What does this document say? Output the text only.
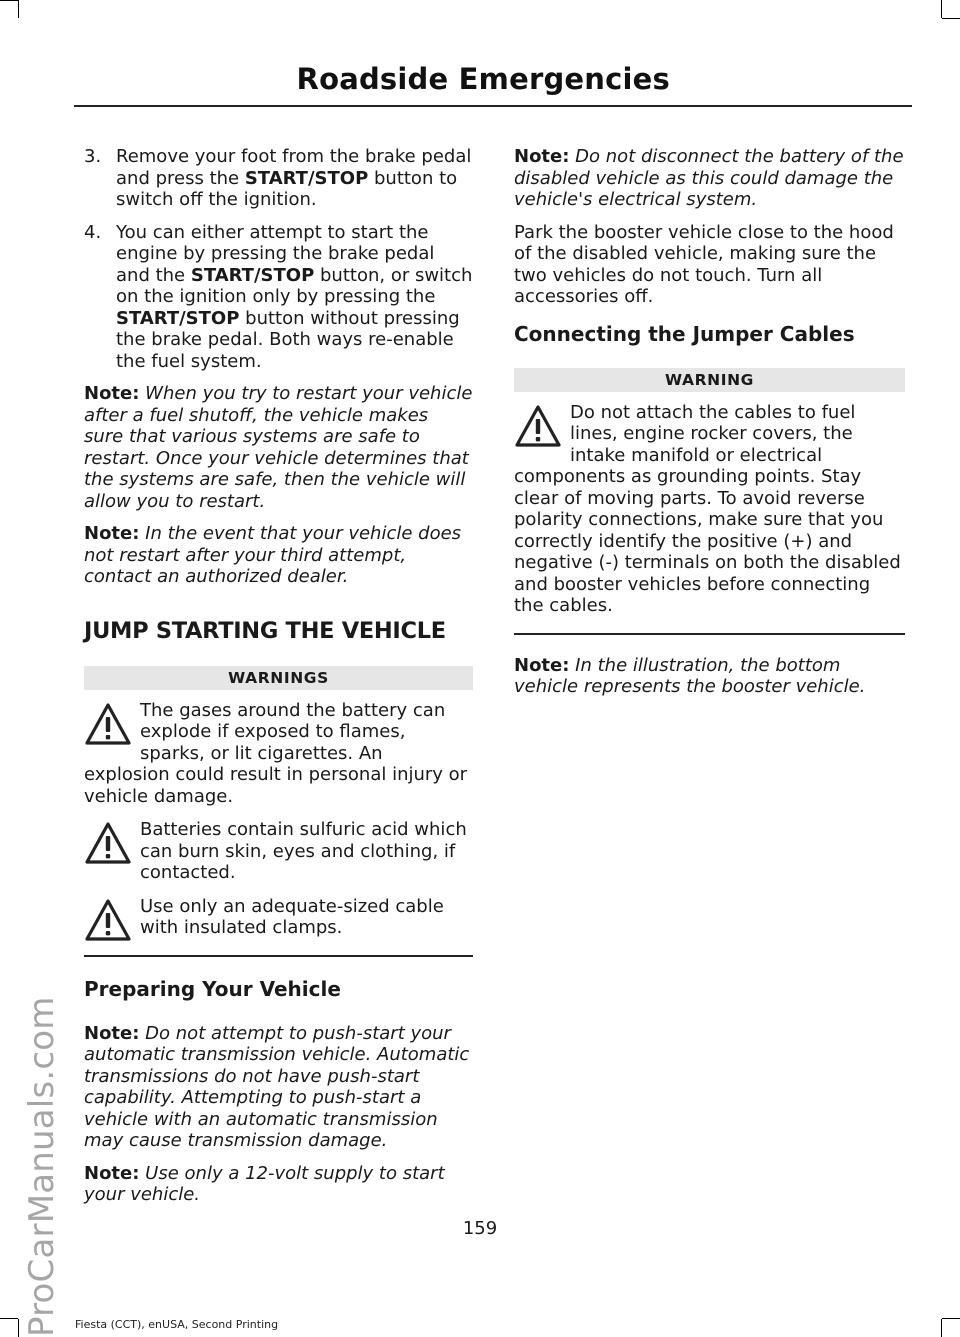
ProCarManuals.com
Roadside Emergencies
3. Remove your foot from the brake pedal and press the START/STOP button to switch off the ignition.
4. You can either attempt to start the engine by pressing the brake pedal and the START/STOP button, or switch on the ignition only by pressing the START/STOP button without pressing the brake pedal. Both ways re-enable the fuel system.
Note: When you try to restart your vehicle after a fuel shutoff, the vehicle makes sure that various systems are safe to restart. Once your vehicle determines that the systems are safe, then the vehicle will allow you to restart.
Note: In the event that your vehicle does not restart after your third attempt, contact an authorized dealer.
JUMP STARTING THE VEHICLE
WARNINGS
The gases around the battery can explode if exposed to flames, sparks, or lit cigarettes. An explosion could result in personal injury or vehicle damage.
Batteries contain sulfuric acid which can burn skin, eyes and clothing, if contacted.
Use only an adequate-sized cable with insulated clamps.
Preparing Your Vehicle
Note: Do not attempt to push-start your automatic transmission vehicle. Automatic transmissions do not have push-start capability. Attempting to push-start a vehicle with an automatic transmission may cause transmission damage.
Note: Use only a 12-volt supply to start your vehicle.
Note: Do not disconnect the battery of the disabled vehicle as this could damage the vehicle's electrical system.

Park the booster vehicle close to the hood of the disabled vehicle, making sure the two vehicles do not touch. Turn all accessories off.

Connecting the Jumper Cables
WARNING
Do not attach the cables to fuel lines, engine rocker covers, the intake manifold or electrical components as grounding points. Stay clear of moving parts. To avoid reverse polarity connections, make sure that you correctly identify the positive (+) and negative (-) terminals on both the disabled and booster vehicles before connecting the cables.
Note: In the illustration, the bottom vehicle represents the booster vehicle.
159
Fiesta (CCT), enUSA, Second Printing
